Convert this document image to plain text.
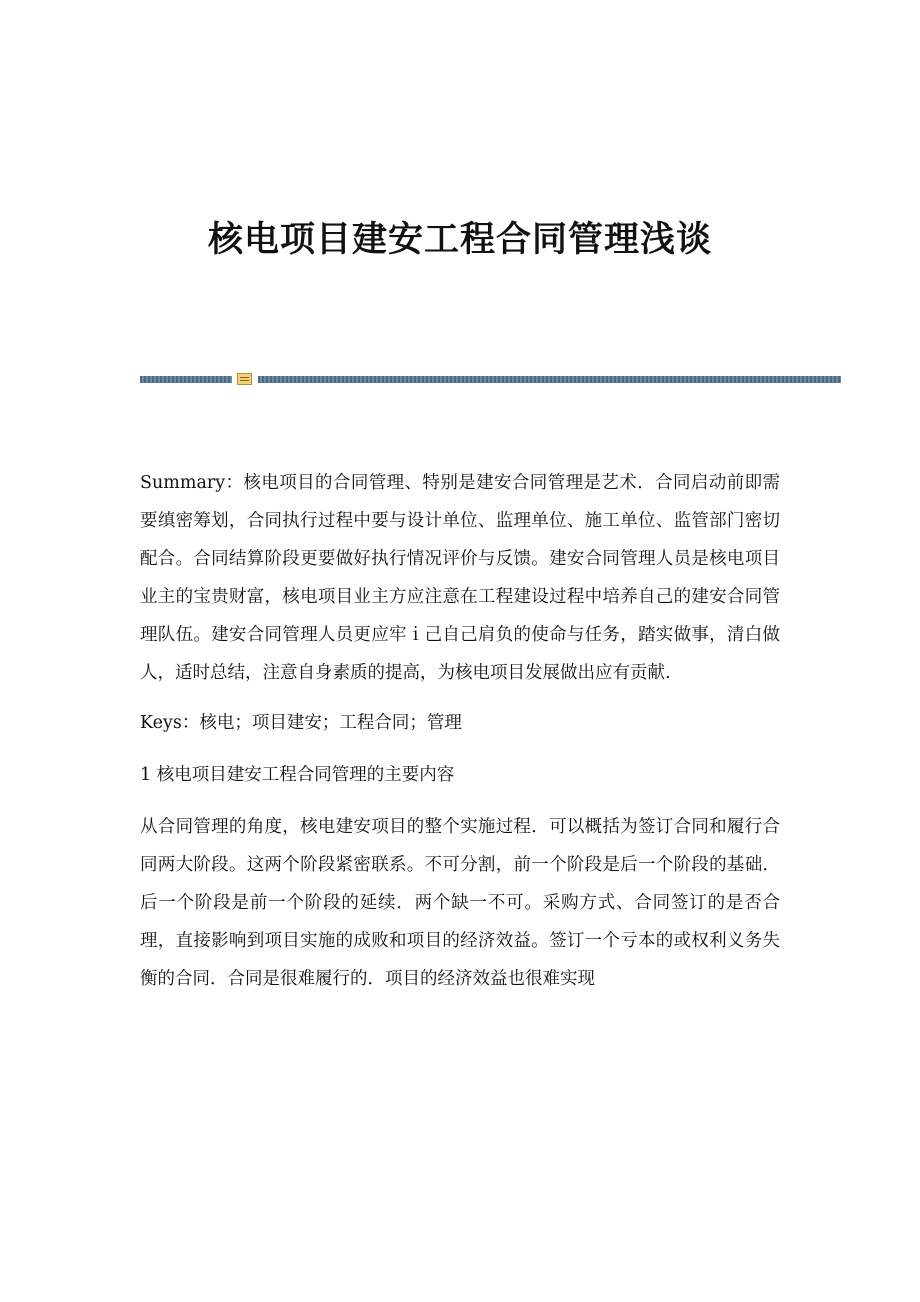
核电项目建安工程合同管理浅谈

Summary：核电项目的合同管理、特别是建安合同管理是艺术．合同启动前即需要缜密筹划，合同执行过程中要与设计单位、监理单位、施工单位、监管部门密切配合。合同结算阶段更要做好执行情况评价与反馈。建安合同管理人员是核电项目业主的宝贵财富，核电项目业主方应注意在工程建设过程中培养自己的建安合同管理队伍。建安合同管理人员更应牢ｉ己自己肩负的使命与任务，踏实做事，清白做人，适时总结，注意自身素质的提高，为核电项目发展做出应有贡献.

Keys：核电；项目建安；工程合同；管理

1 核电项目建安工程合同管理的主要内容

从合同管理的角度，核电建安项目的整个实施过程．可以概括为签订合同和履行合同两大阶段。这两个阶段紧密联系。不可分割，前一个阶段是后一个阶段的基础．后一个阶段是前一个阶段的延续．两个缺一不可。采购方式、合同签订的是否合理，直接影响到项目实施的成败和项目的经济效益。签订一个亏本的或权利义务失衡的合同．合同是很难履行的．项目的经济效益也很难实现
